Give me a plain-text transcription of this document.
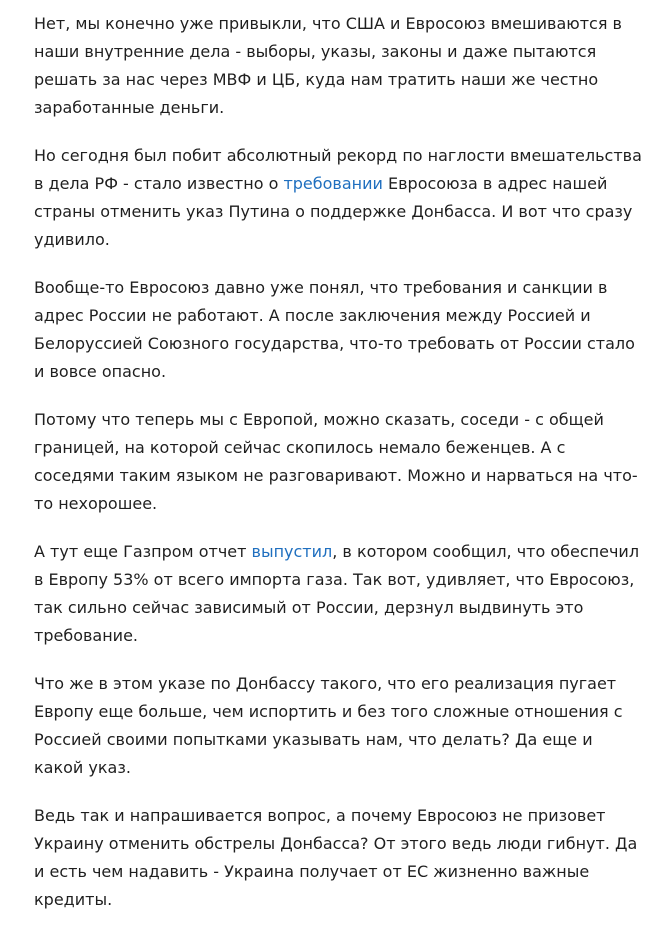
Нет, мы конечно уже привыкли, что США и Евросоюз вмешиваются в наши внутренние дела - выборы, указы, законы и даже пытаются решать за нас через МВФ и ЦБ, куда нам тратить наши же честно заработанные деньги.

Но сегодня был побит абсолютный рекорд по наглости вмешательства в дела РФ - стало известно о требовании Евросоюза в адрес нашей страны отменить указ Путина о поддержке Донбасса. И вот что сразу удивило.

Вообще-то Евросоюз давно уже понял, что требования и санкции в адрес России не работают. А после заключения между Россией и Белоруссией Союзного государства, что-то требовать от России стало и вовсе опасно.

Потому что теперь мы с Европой, можно сказать, соседи - с общей границей, на которой сейчас скопилось немало беженцев. А с соседями таким языком не разговаривают. Можно и нарваться на что-то нехорошее.

А тут еще Газпром отчет выпустил, в котором сообщил, что обеспечил в Европу 53% от всего импорта газа. Так вот, удивляет, что Евросоюз, так сильно сейчас зависимый от России, дерзнул выдвинуть это требование.

Что же в этом указе по Донбассу такого, что его реализация пугает Европу еще больше, чем испортить и без того сложные отношения с Россией своими попытками указывать нам, что делать? Да еще и какой указ.

Ведь так и напрашивается вопрос, а почему Евросоюз не призовет Украину отменить обстрелы Донбасса? От этого ведь люди гибнут. Да и есть чем надавить - Украина получает от ЕС жизненно важные кредиты.
